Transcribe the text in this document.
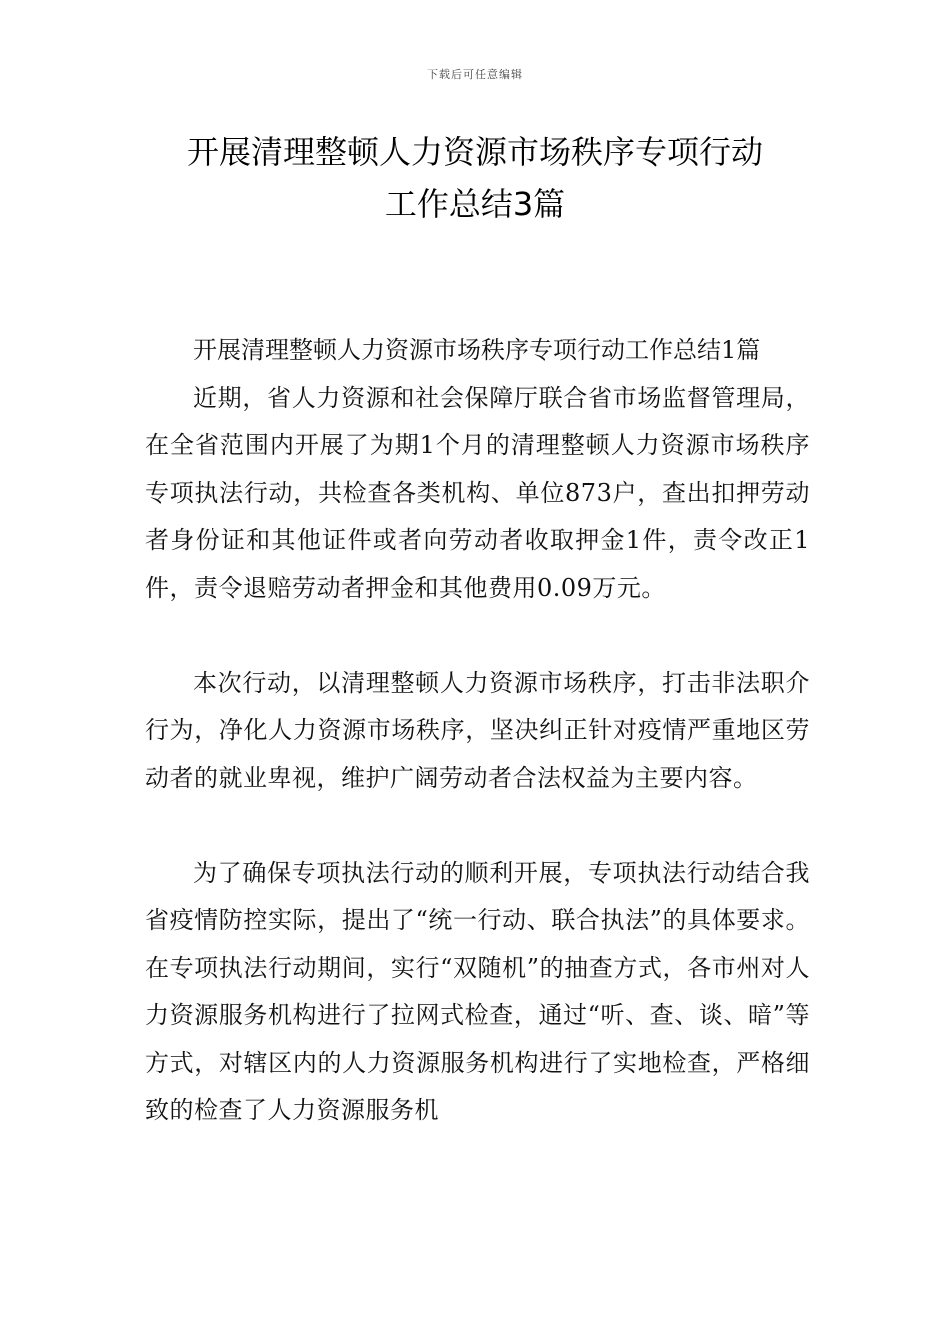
下载后可任意编辑
开展清理整顿人力资源市场秩序专项行动
工作总结3篇

开展清理整顿人力资源市场秩序专项行动工作总结1篇

近期，省人力资源和社会保障厅联合省市场监督管理局，在全省范围内开展了为期1个月的清理整顿人力资源市场秩序专项执法行动，共检查各类机构、单位873户，查出扣押劳动者身份证和其他证件或者向劳动者收取押金1件，责令改正1件，责令退赔劳动者押金和其他费用0.09万元。

本次行动，以清理整顿人力资源市场秩序，打击非法职介行为，净化人力资源市场秩序，坚决纠正针对疫情严重地区劳动者的就业卑视，维护广阔劳动者合法权益为主要内容。

为了确保专项执法行动的顺利开展，专项执法行动结合我省疫情防控实际，提出了“统一行动、联合执法”的具体要求。在专项执法行动期间，实行“双随机”的抽查方式，各市州对人力资源服务机构进行了拉网式检查，通过“听、查、谈、暗”等方式，对辖区内的人力资源服务机构进行了实地检查，严格细致的检查了人力资源服务机
